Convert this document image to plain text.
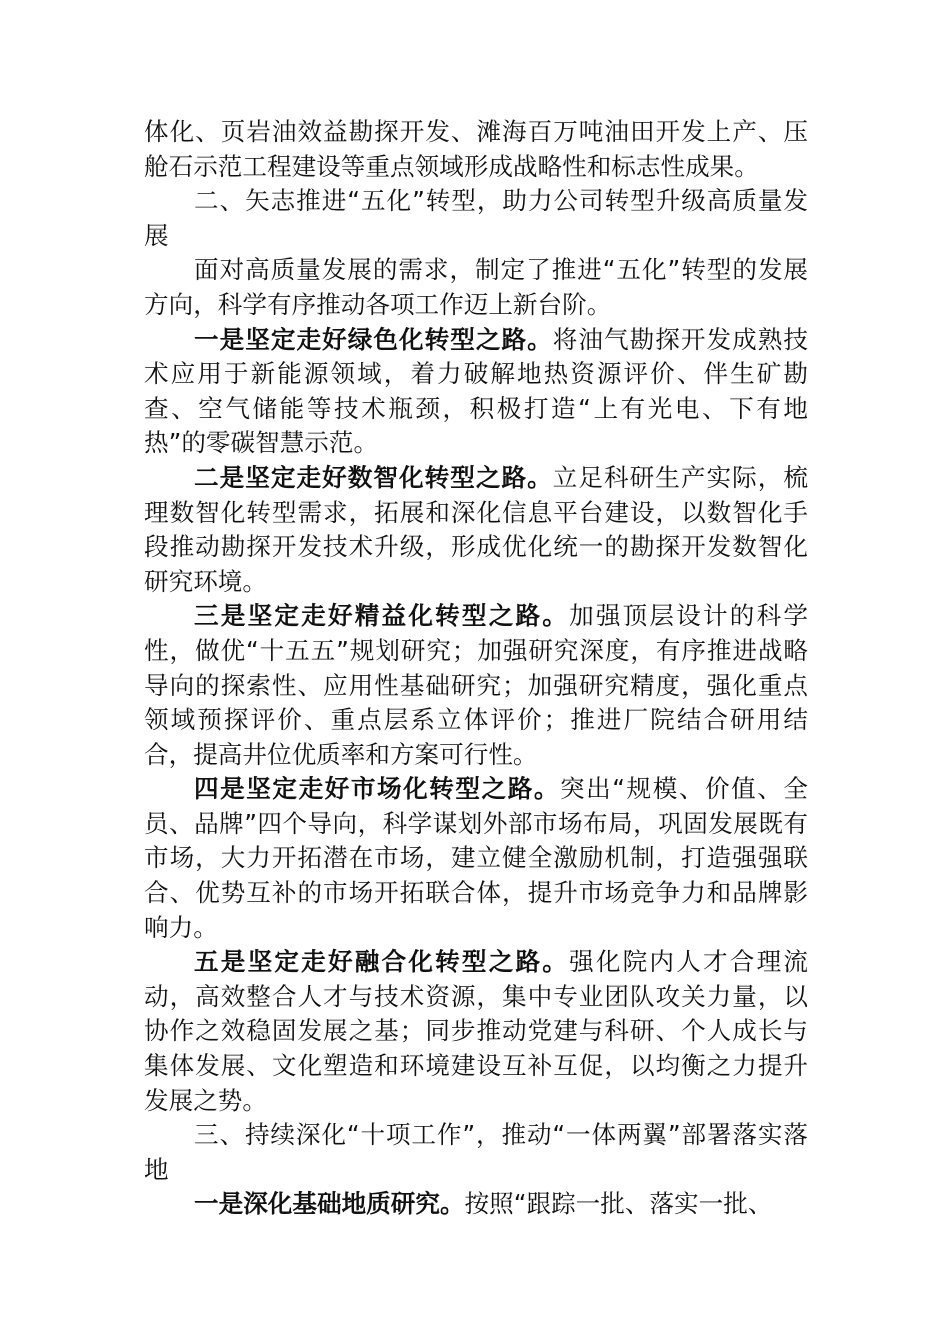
体化、页岩油效益勘探开发、滩海百万吨油田开发上产、压舱石示范工程建设等重点领域形成战略性和标志性成果。

二、矢志推进“五化”转型，助力公司转型升级高质量发展

面对高质量发展的需求，制定了推进“五化”转型的发展方向，科学有序推动各项工作迈上新台阶。

一是坚定走好绿色化转型之路。将油气勘探开发成熟技术应用于新能源领域，着力破解地热资源评价、伴生矿勘查、空气储能等技术瓶颈，积极打造“上有光电、下有地热”的零碳智慧示范。

二是坚定走好数智化转型之路。立足科研生产实际，梳理数智化转型需求，拓展和深化信息平台建设，以数智化手段推动勘探开发技术升级，形成优化统一的勘探开发数智化研究环境。

三是坚定走好精益化转型之路。加强顶层设计的科学性，做优“十五五”规划研究；加强研究深度，有序推进战略导向的探索性、应用性基础研究；加强研究精度，强化重点领域预探评价、重点层系立体评价；推进厂院结合研用结合，提高井位优质率和方案可行性。

四是坚定走好市场化转型之路。突出“规模、价值、全员、品牌”四个导向，科学谋划外部市场布局，巩固发展既有市场，大力开拓潜在市场，建立健全激励机制，打造强强联合、优势互补的市场开拓联合体，提升市场竞争力和品牌影响力。

五是坚定走好融合化转型之路。强化院内人才合理流动，高效整合人才与技术资源，集中专业团队攻关力量，以协作之效稳固发展之基；同步推动党建与科研、个人成长与集体发展、文化塑造和环境建设互补互促，以均衡之力提升发展之势。

三、持续深化“十项工作”，推动“一体两翼”部署落实落地

一是深化基础地质研究。按照“跟踪一批、落实一批、
